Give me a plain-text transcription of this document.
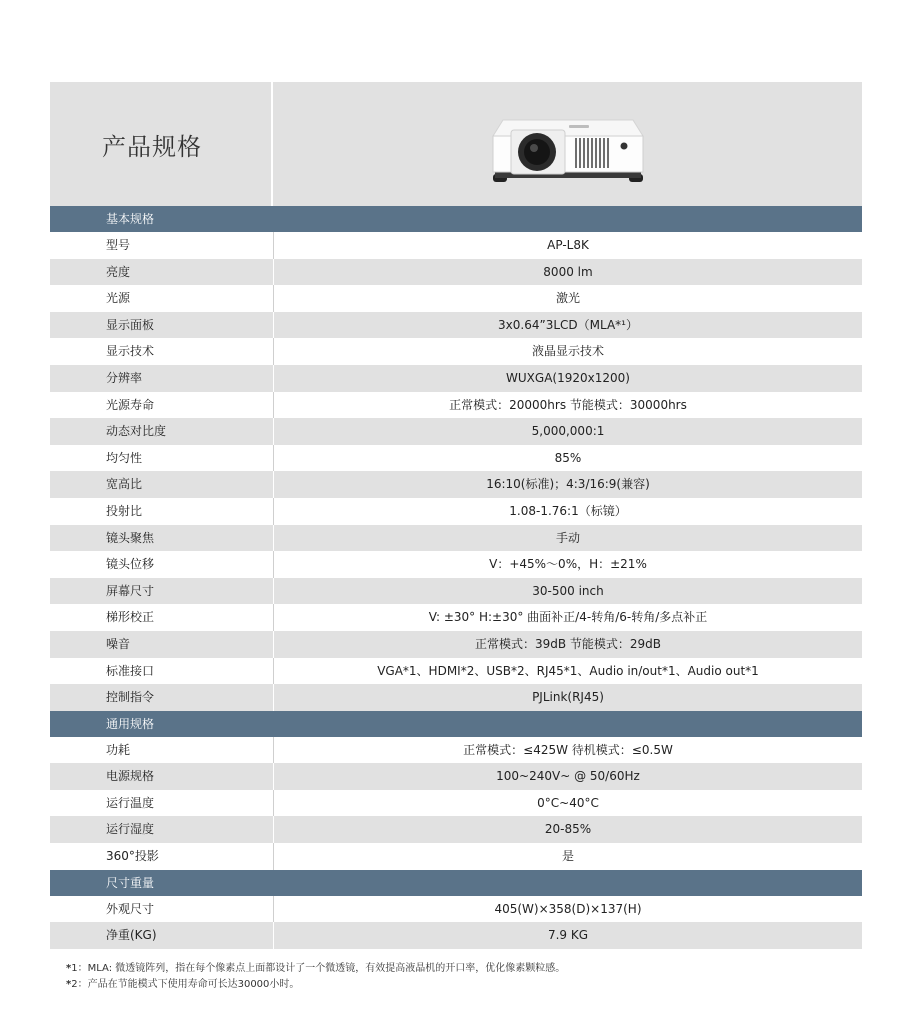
产品规格
基本规格
型号	AP-L8K
亮度	8000 lm
光源	激光
显示面板	3x0.64”3LCD（MLA*¹）
显示技术	液晶显示技术
分辨率	WUXGA(1920x1200)
光源寿命	正常模式：20000hrs 节能模式：30000hrs
动态对比度	5,000,000:1
均匀性	85%
宽高比	16:10(标准)；4:3/16:9(兼容)
投射比	1.08-1.76:1（标镜）
镜头聚焦	手动
镜头位移	V：+45%～0%，H：±21%
屏幕尺寸	30-500 inch
梯形校正	V: ±30° H:±30° 曲面补正/4-转角/6-转角/多点补正
噪音	正常模式：39dB 节能模式：29dB
标准接口	VGA*1、HDMI*2、USB*2、RJ45*1、Audio in/out*1、Audio out*1
控制指令	PJLink(RJ45)
通用规格
功耗	正常模式：≤425W 待机模式：≤0.5W
电源规格	100~240V~ @ 50/60Hz
运行温度	0°C~40°C
运行湿度	20-85%
360°投影	是
尺寸重量
外观尺寸	405(W)×358(D)×137(H)
净重(KG)	7.9 KG
*1：MLA: 微透镜阵列，指在每个像素点上面都设计了一个微透镜，有效提高液晶机的开口率，优化像素颗粒感。
*2：产品在节能模式下使用寿命可长达30000小时。
